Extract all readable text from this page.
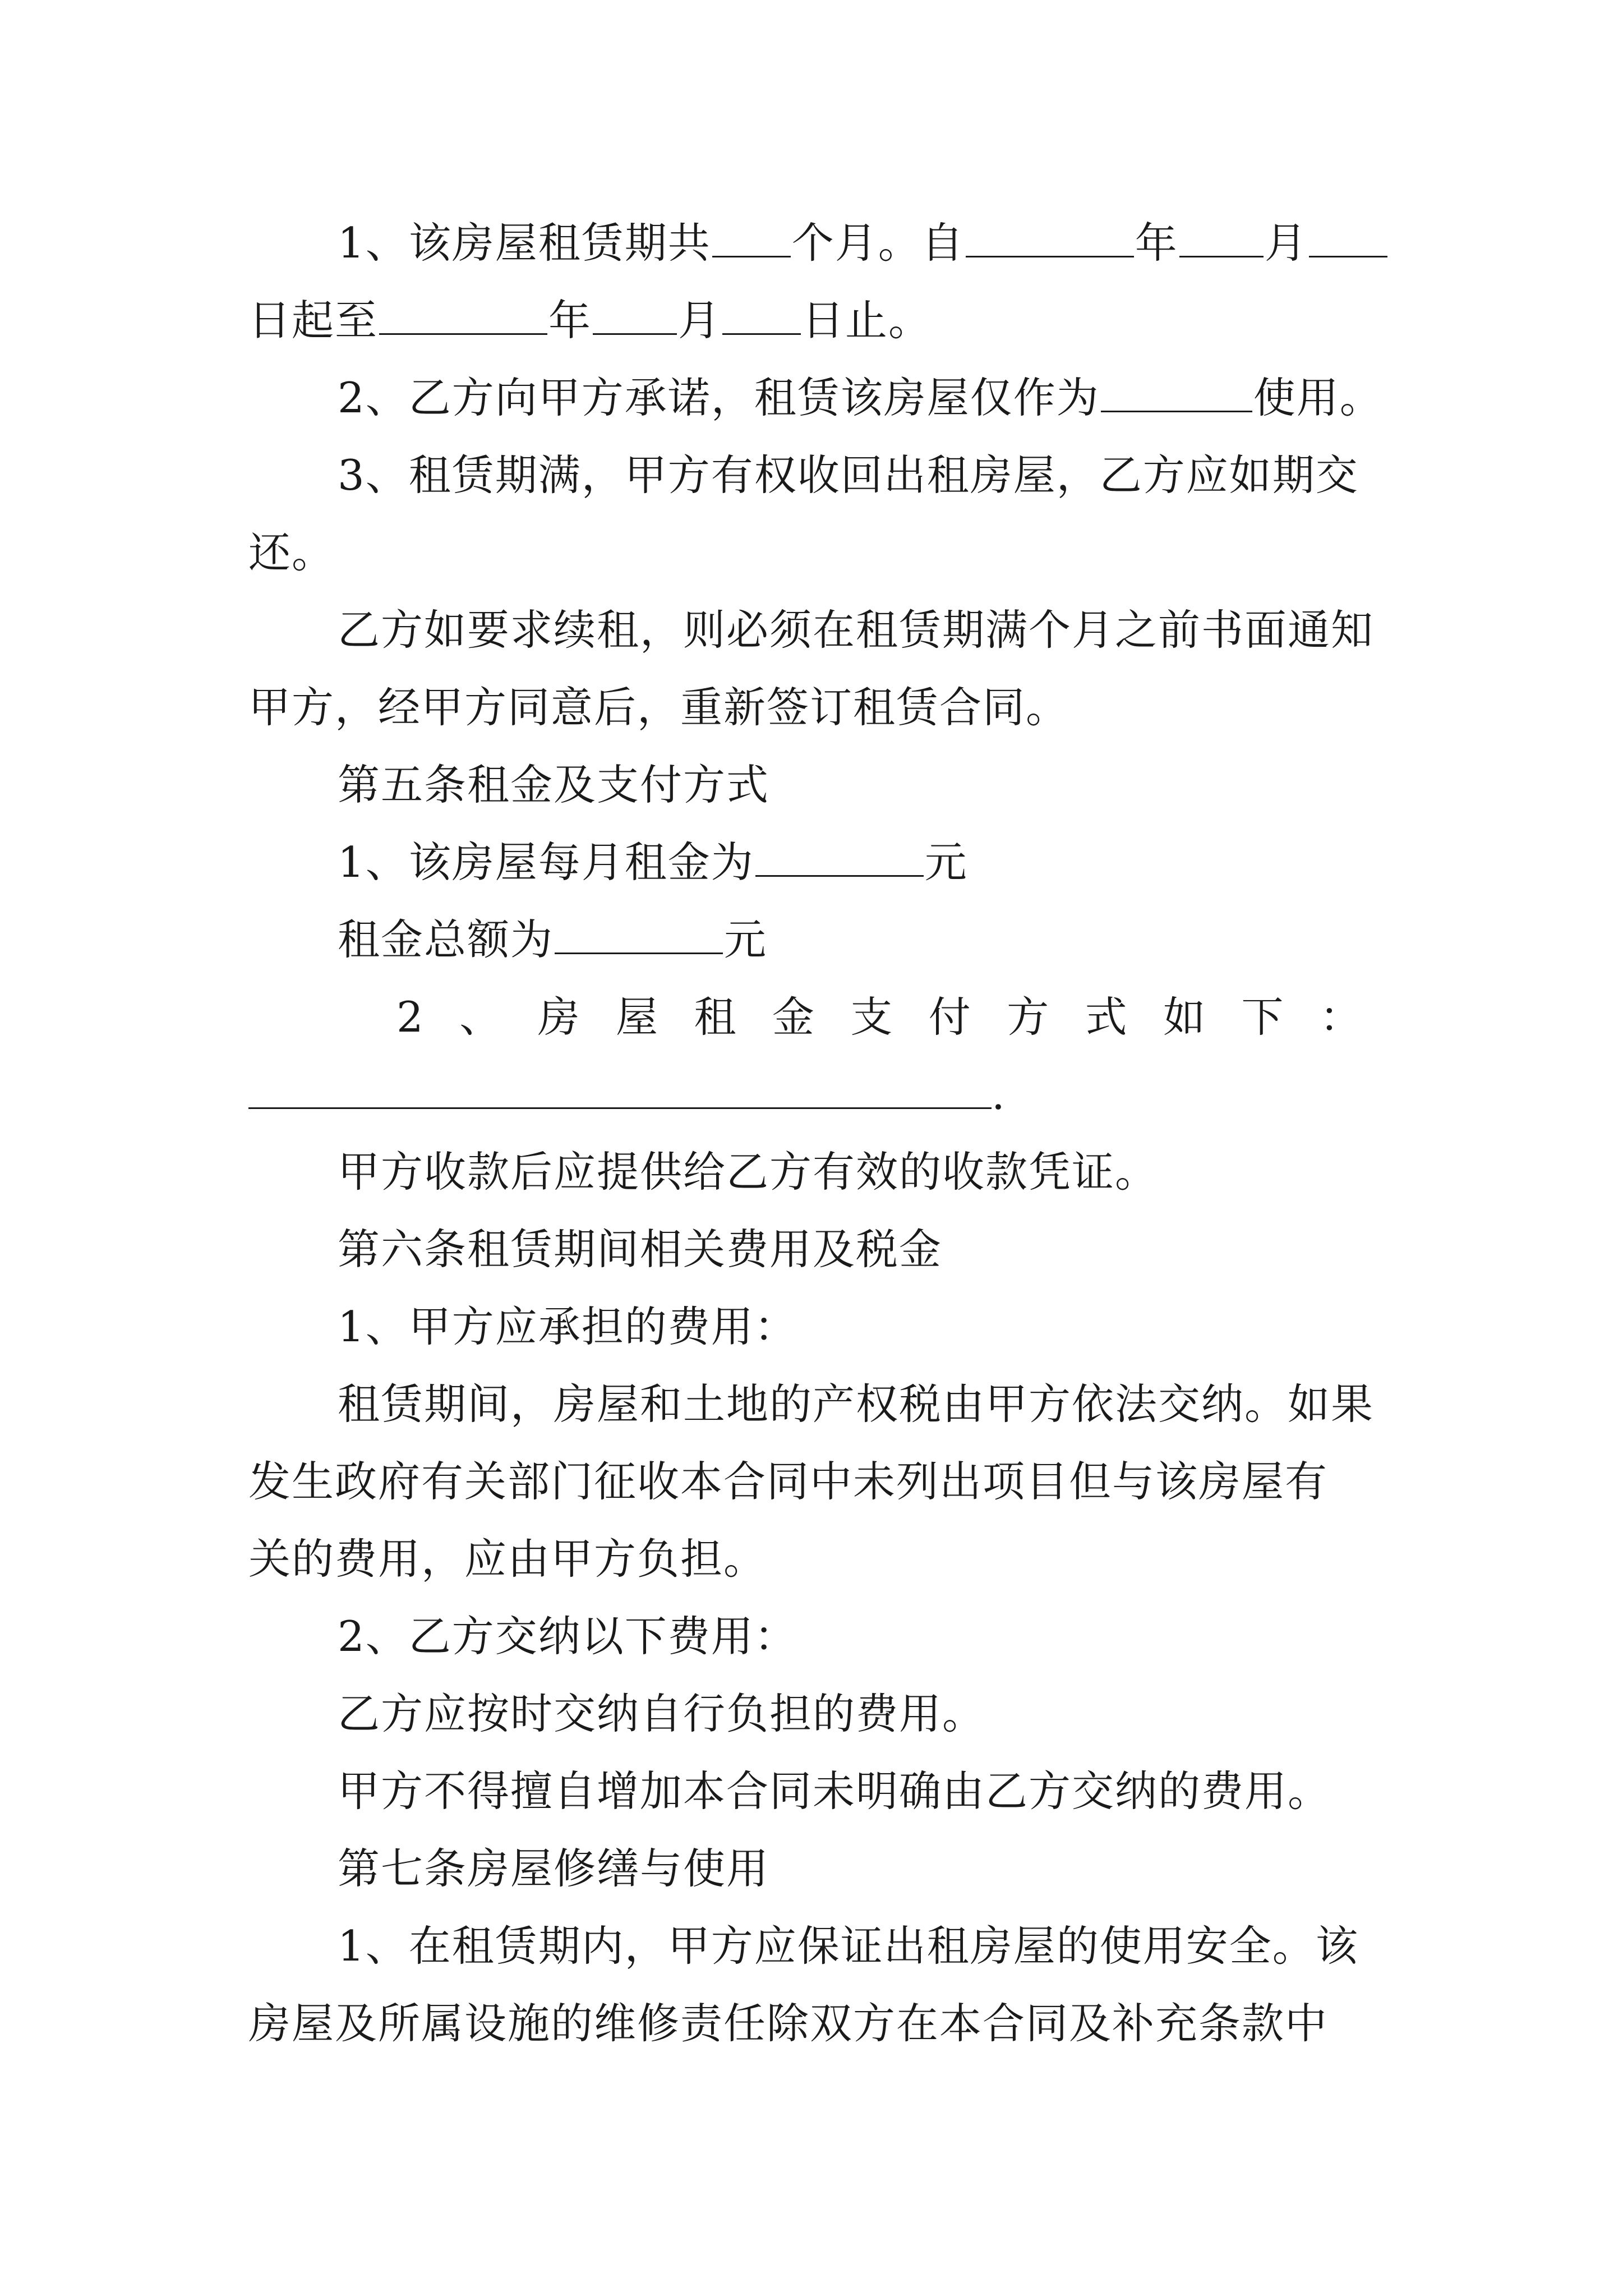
1、该房屋租赁期共 个月。自	年 月
日起至	年 月 日止。
2、乙方向甲方承诺，租赁该房屋仅作为	使用。
3、租赁期满，甲方有权收回出租房屋，乙方应如期交
还。
乙方如要求续租，则必须在租赁期满个月之前书面通知
甲方，经甲方同意后，重新签订租赁合同。
第五条租金及支付方式
1、该房屋每月租金为	元
租金总额为	元
2 、 房 屋 租 金 支 付 方 式 如 下 ：
.
甲方收款后应提供给乙方有效的收款凭证。
第六条租赁期间相关费用及税金
1、甲方应承担的费用：
租赁期间，房屋和土地的产权税由甲方依法交纳。如果
发生政府有关部门征收本合同中未列出项目但与该房屋有
关的费用，应由甲方负担。
2、乙方交纳以下费用：
乙方应按时交纳自行负担的费用。
甲方不得擅自增加本合同未明确由乙方交纳的费用。
第七条房屋修缮与使用
1、在租赁期内，甲方应保证出租房屋的使用安全。该
房屋及所属设施的维修责任除双方在本合同及补充条款中
